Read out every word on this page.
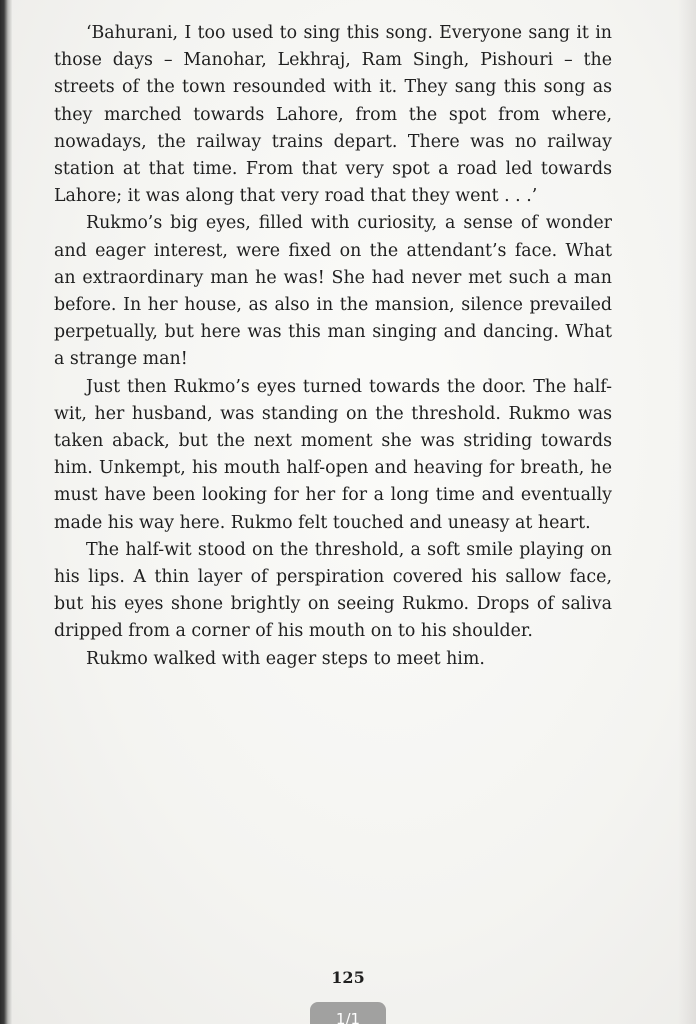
‘Bahurani, I too used to sing this song. Everyone sang it in those days – Manohar, Lekhraj, Ram Singh, Pishouri – the streets of the town resounded with it. They sang this song as they marched towards Lahore, from the spot from where, nowadays, the railway trains depart. There was no railway station at that time. From that very spot a road led towards Lahore; it was along that very road that they went . . .’

Rukmo’s big eyes, filled with curiosity, a sense of wonder and eager interest, were fixed on the attendant’s face. What an extraordinary man he was! She had never met such a man before. In her house, as also in the mansion, silence prevailed perpetually, but here was this man singing and dancing. What a strange man!

Just then Rukmo’s eyes turned towards the door. The half-wit, her husband, was standing on the threshold. Rukmo was taken aback, but the next moment she was striding towards him. Unkempt, his mouth half-open and heaving for breath, he must have been looking for her for a long time and eventually made his way here. Rukmo felt touched and uneasy at heart.

The half-wit stood on the threshold, a soft smile playing on his lips. A thin layer of perspiration covered his sallow face, but his eyes shone brightly on seeing Rukmo. Drops of saliva dripped from a corner of his mouth on to his shoulder.

Rukmo walked with eager steps to meet him.

125
1/1
